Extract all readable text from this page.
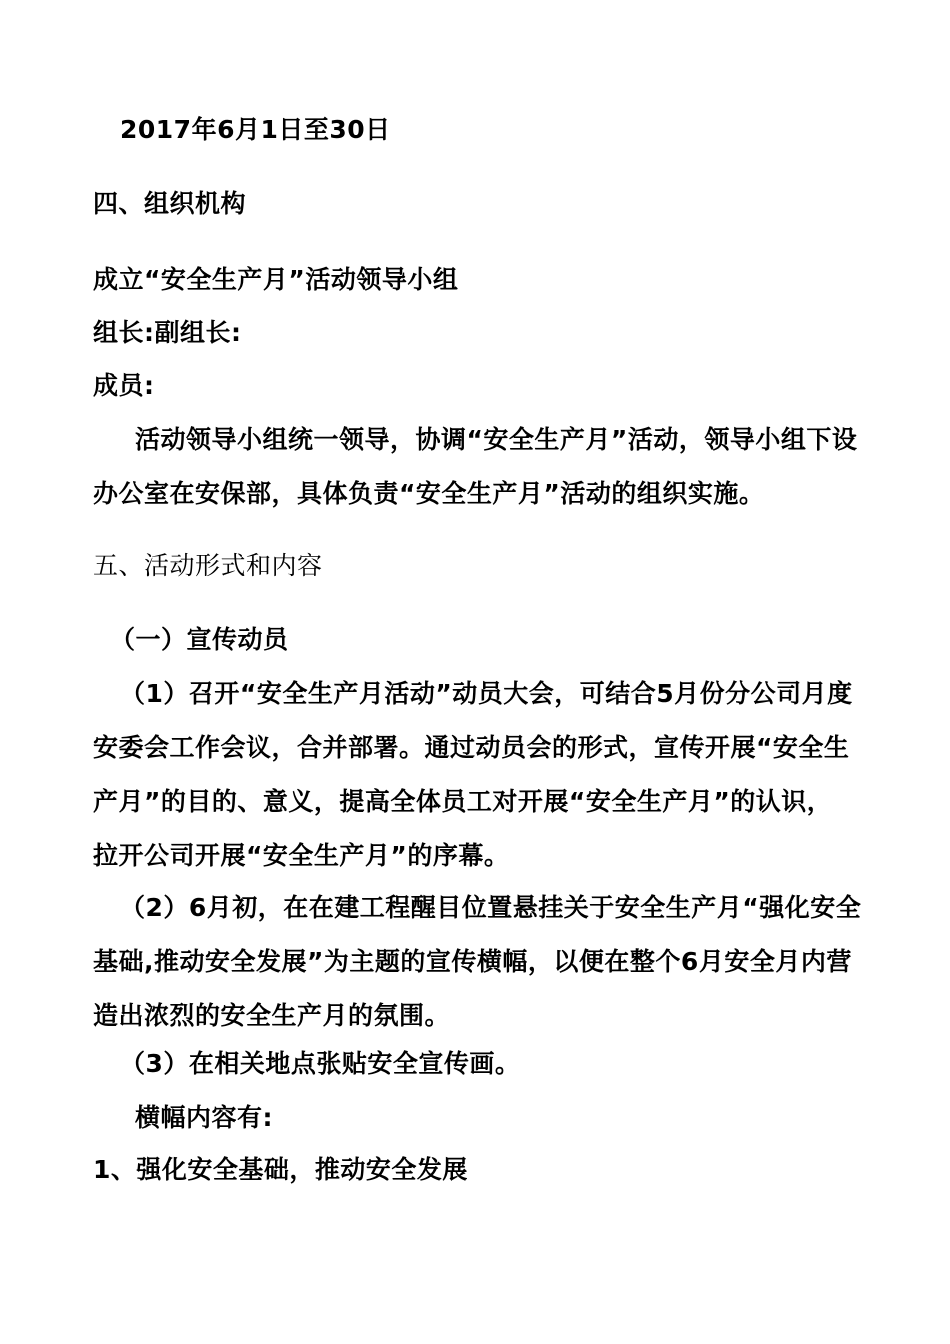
2017年6月1日至30日
四、组织机构
成立“安全生产月”活动领导小组
组长:副组长:
成员:
活动领导小组统一领导，协调“安全生产月”活动，领导小组下设
办公室在安保部，具体负责“安全生产月”活动的组织实施。
五、活动形式和内容
（一）宣传动员
（1）召开“安全生产月活动”动员大会，可结合5月份分公司月度
安委会工作会议，合并部署。通过动员会的形式，宣传开展“安全生
产月”的目的、意义，提高全体员工对开展“安全生产月”的认识，
拉开公司开展“安全生产月”的序幕。
（2）6月初，在在建工程醒目位置悬挂关于安全生产月“强化安全
基础,推动安全发展”为主题的宣传横幅，以便在整个6月安全月内营
造出浓烈的安全生产月的氛围。
（3）在相关地点张贴安全宣传画。
横幅内容有:
1、强化安全基础，推动安全发展
